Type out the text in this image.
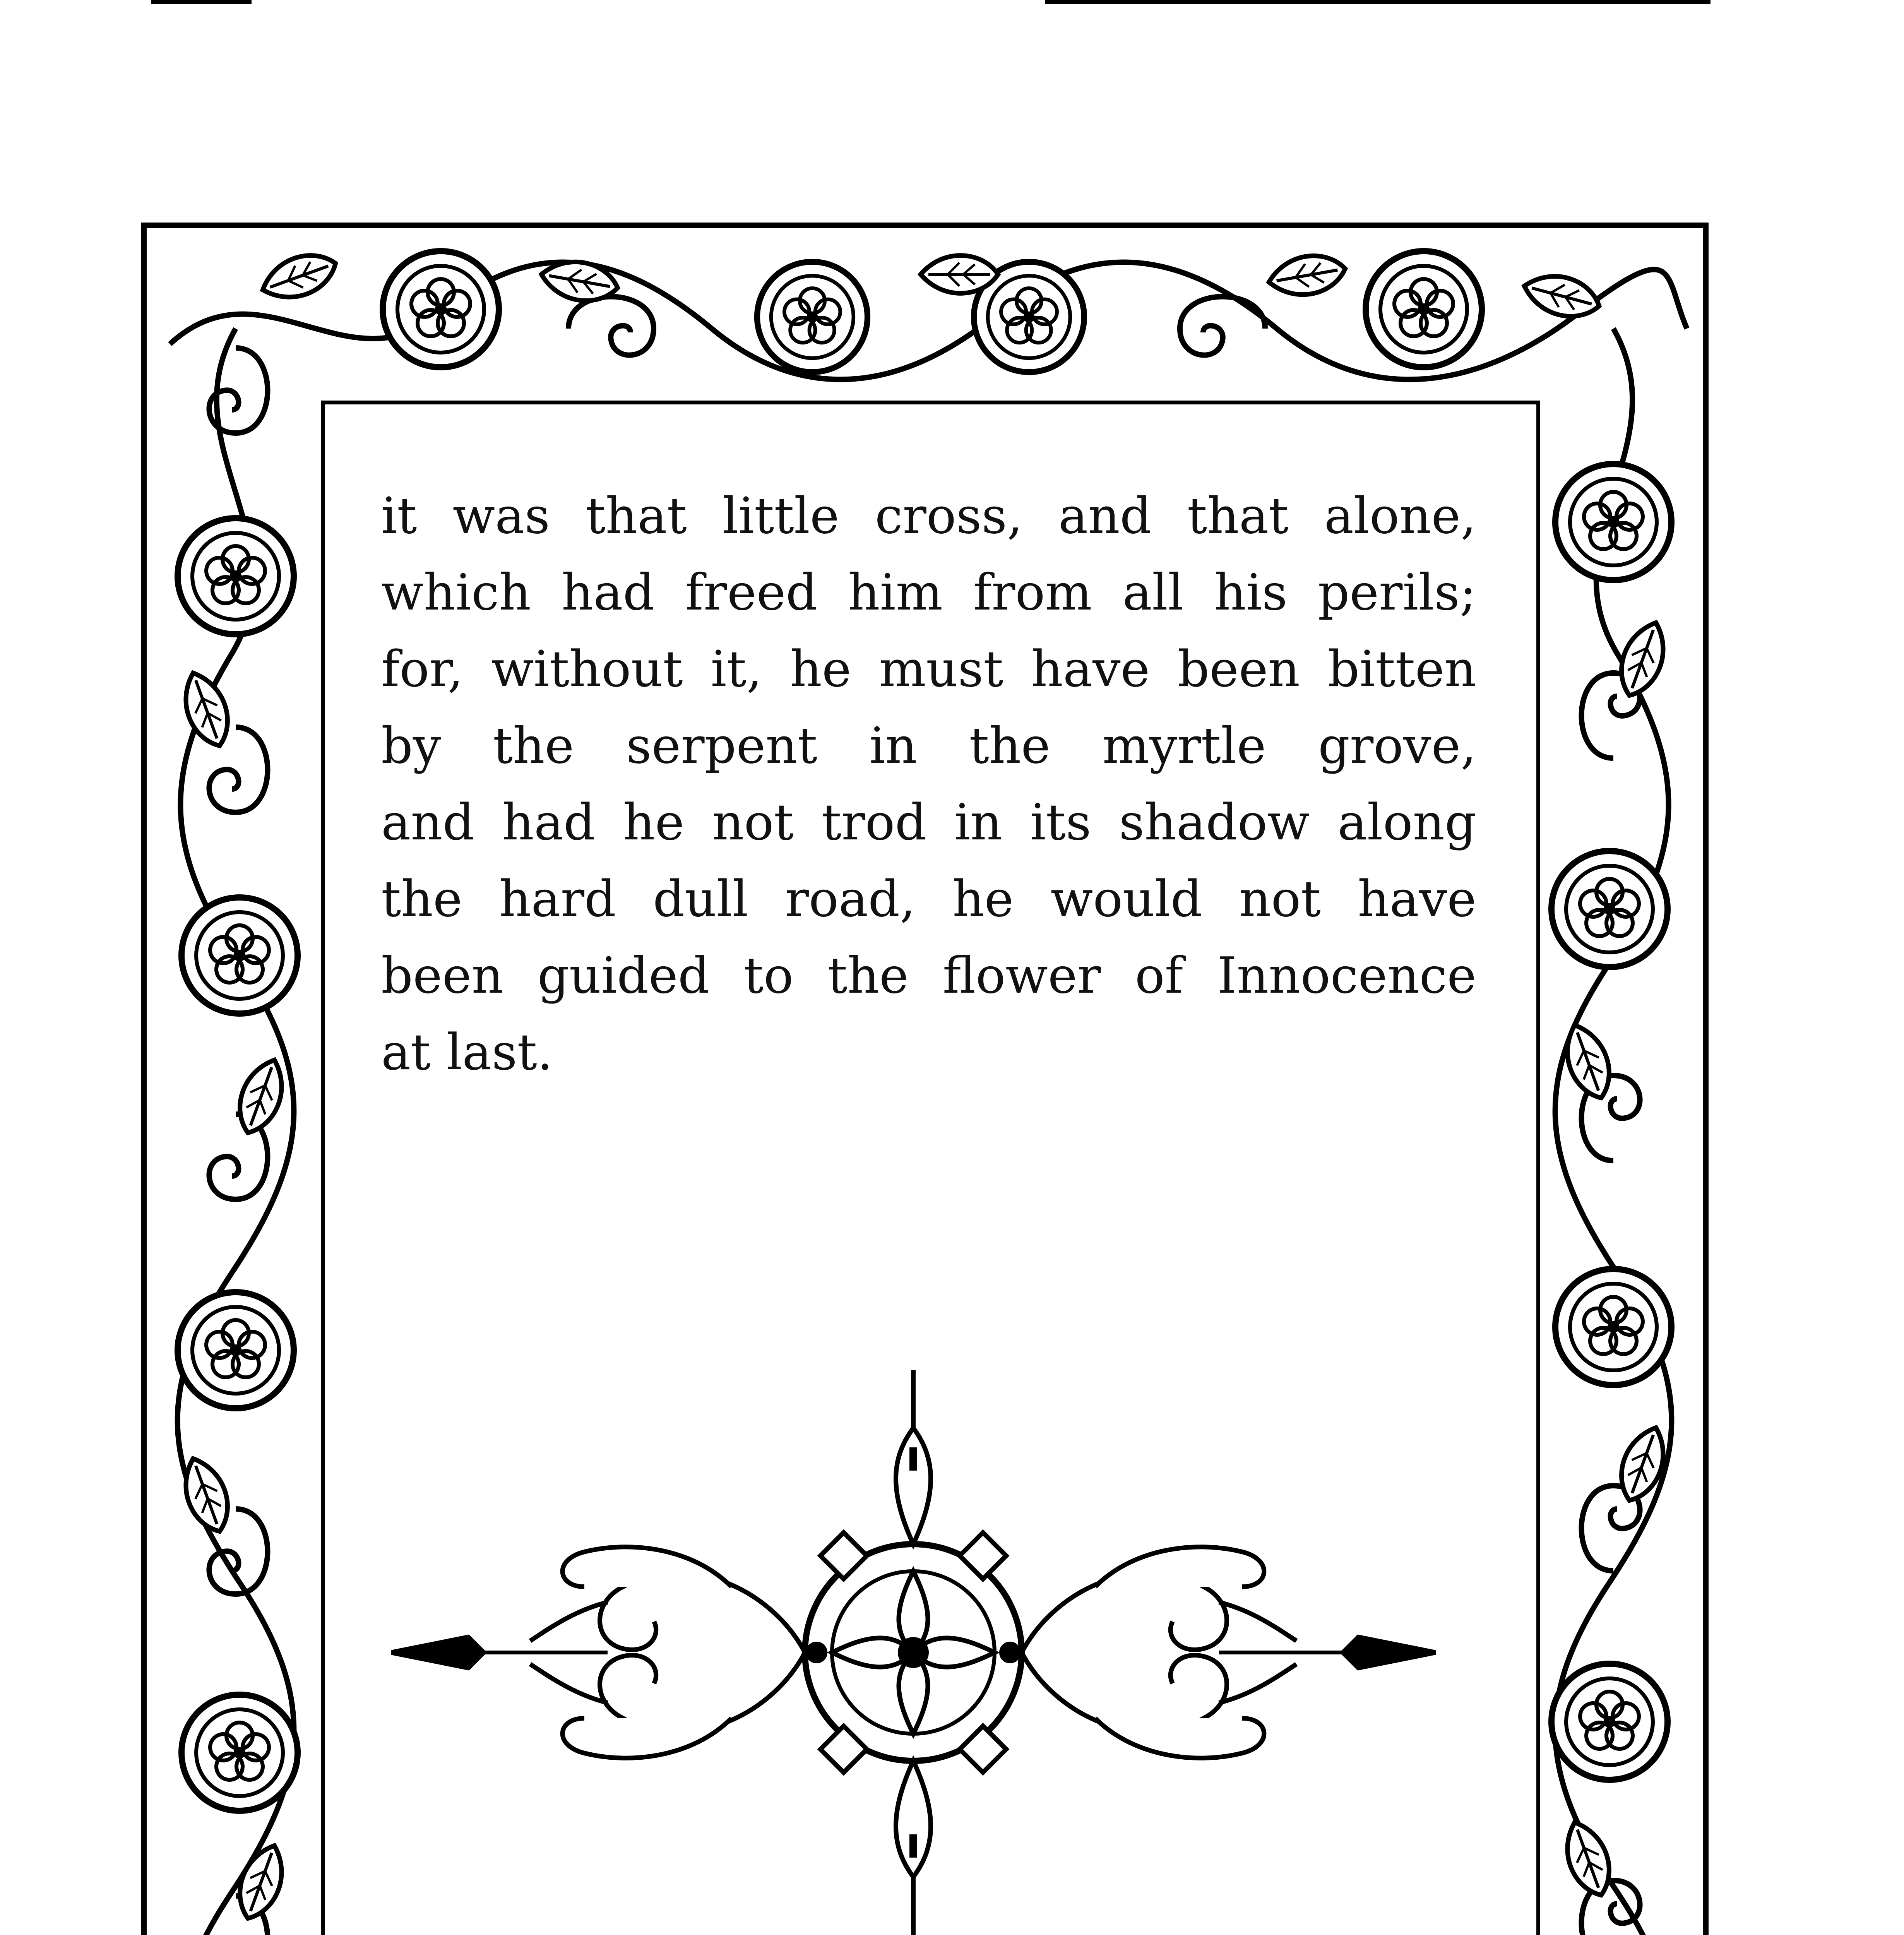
it was that little cross, and that alone,
which had freed him from all his perils;
for, without it, he must have been bitten
by the serpent in the myrtle grove,
and had he not trod in its shadow along
the hard dull road, he would not have
been guided to the flower of Innocence
at last.
